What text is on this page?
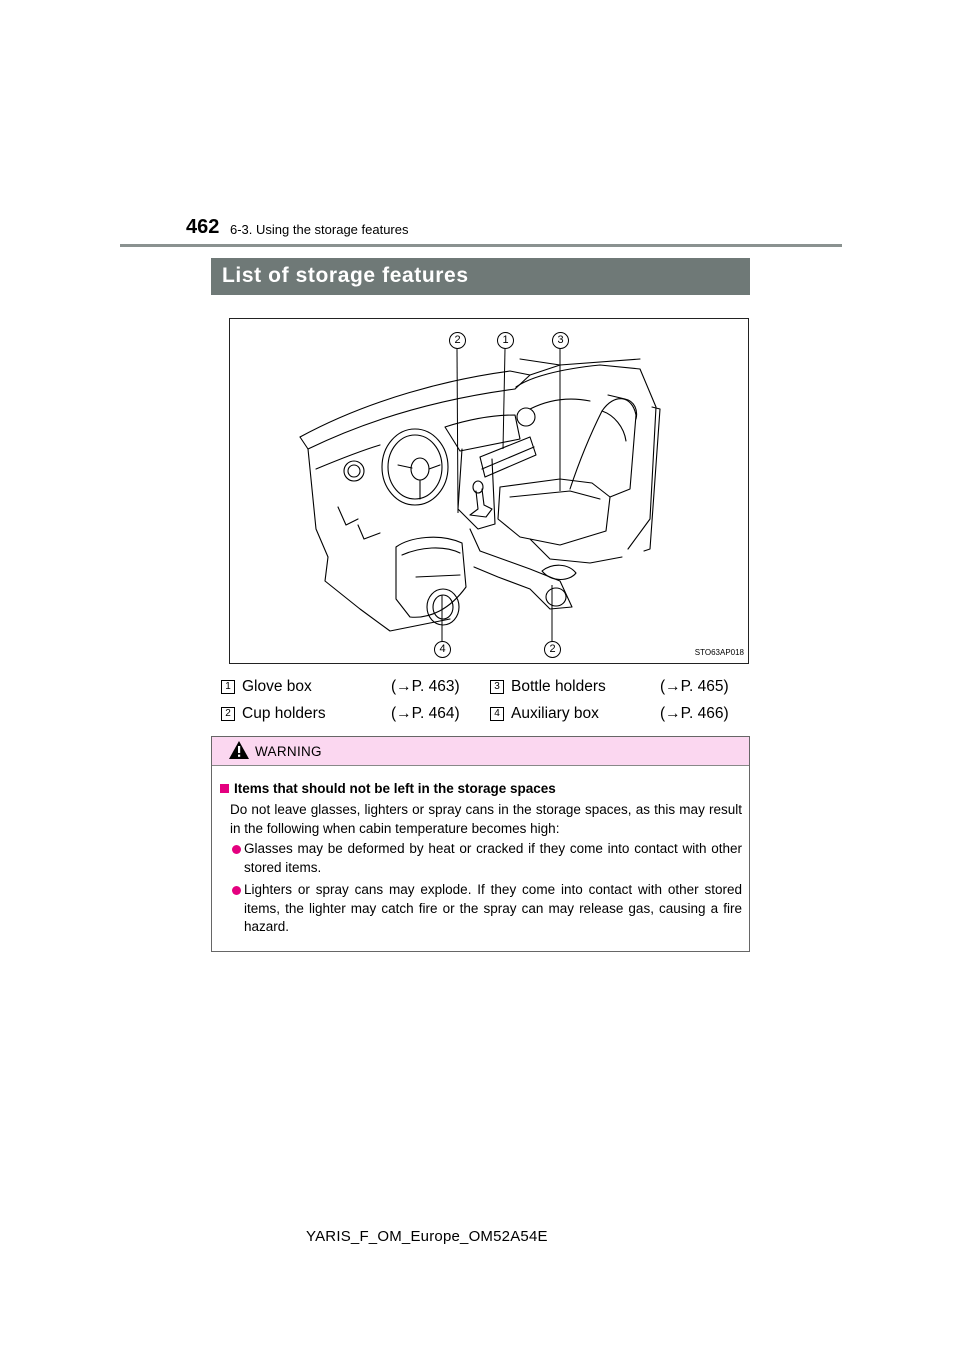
462 6-3. Using the storage features
List of storage features
2	1	3
4	2	STO63AP018
1 Glove box	(→P. 463)
2 Cup holders	(→P. 464)
3 Bottle holders	(→P. 465)
4 Auxiliary box	(→P. 466)
WARNING
Items that should not be left in the storage spaces
Do not leave glasses, lighters or spray cans in the storage spaces, as this may result in the following when cabin temperature becomes high:
Glasses may be deformed by heat or cracked if they come into contact with other stored items.
Lighters or spray cans may explode. If they come into contact with other stored items, the lighter may catch fire or the spray can may release gas, causing a fire hazard.
YARIS_F_OM_Europe_OM52A54E
